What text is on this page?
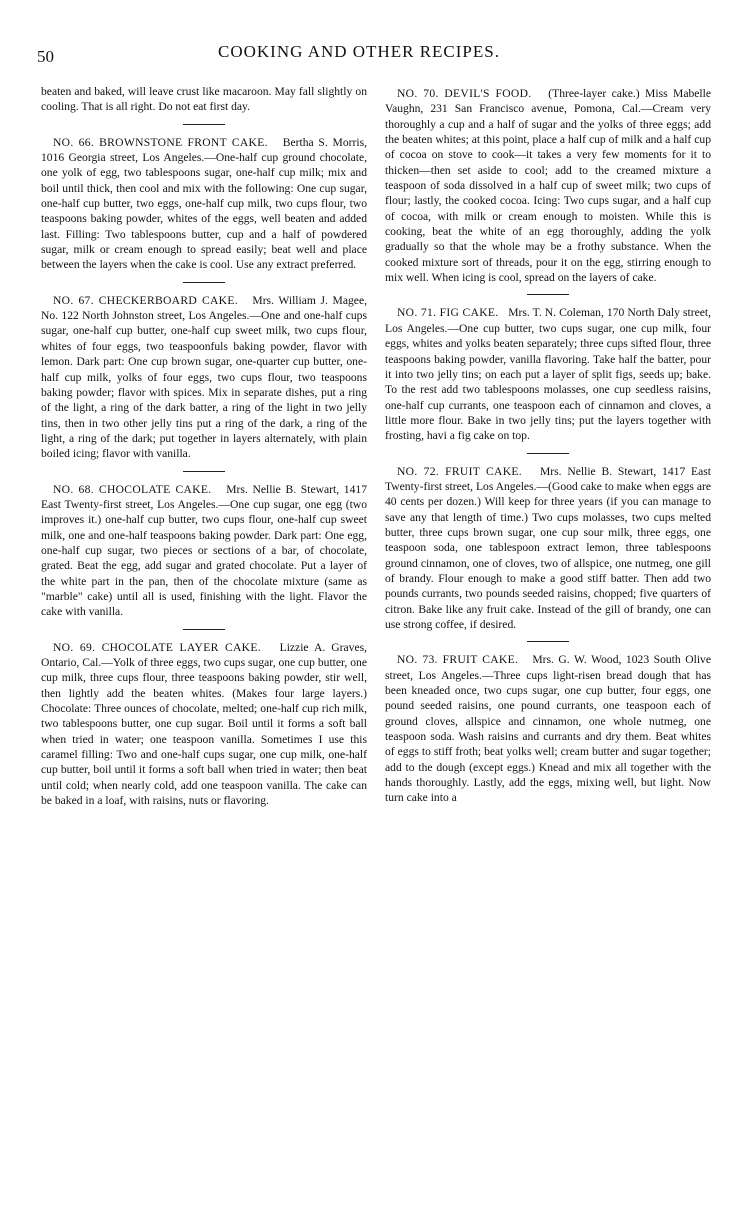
50	COOKING AND OTHER RECIPES.

beaten and baked, will leave crust like macaroon. May fall slightly on cooling. That is all right. Do not eat first day.

NO. 66. BROWNSTONE FRONT CAKE.   Bertha S. Morris, 1016 Georgia street, Los Angeles.—One-half cup ground chocolate, one yolk of egg, two tablespoons sugar, one-half cup milk; mix and boil until thick, then cool and mix with the following: One cup sugar, one-half cup butter, two eggs, one-half cup milk, two cups flour, two teaspoons baking powder, whites of the eggs, well beaten and added last. Filling: Two tablespoons butter, cup and a half of powdered sugar, milk or cream enough to spread easily; beat well and place between the layers when the cake is cool. Use any extract preferred.

NO. 67. CHECKERBOARD CAKE.   Mrs. William J. Magee, No. 122 North Johnston street, Los Angeles.—One and one-half cups sugar, one-half cup butter, one-half cup sweet milk, two cups flour, whites of four eggs, two teaspoonfuls baking powder, flavor with lemon. Dark part: One cup brown sugar, one-quarter cup butter, one-half cup milk, yolks of four eggs, two cups flour, two teaspoons baking powder; flavor with spices. Mix in separate dishes, put a ring of the light, a ring of the dark batter, a ring of the light in two jelly tins, then in two other jelly tins put a ring of the dark, a ring of the light, a ring of the dark; put together in layers alternately, with plain boiled icing; flavor with vanilla.

NO. 68. CHOCOLATE CAKE.   Mrs. Nellie B. Stewart, 1417 East Twenty-first street, Los Angeles.—One cup sugar, one egg (two improves it.) one-half cup butter, two cups flour, one-half cup sweet milk, one and one-half teaspoons baking powder. Dark part: One egg, one-half cup sugar, two pieces or sections of a bar, of chocolate, grated. Beat the egg, add sugar and grated chocolate. Put a layer of the white part in the pan, then of the chocolate mixture (same as "marble" cake) until all is used, finishing with the light. Flavor the cake with vanilla.

NO. 69. CHOCOLATE LAYER CAKE.   Lizzie A. Graves, Ontario, Cal.—Yolk of three eggs, two cups sugar, one cup butter, one cup milk, three cups flour, three teaspoons baking powder, stir well, then lightly add the beaten whites. (Makes four large layers.) Chocolate: Three ounces of chocolate, melted; one-half cup rich milk, two tablespoons butter, one cup sugar. Boil until it forms a soft ball when tried in water; one teaspoon vanilla. Sometimes I use this caramel filling: Two and one-half cups sugar, one cup milk, one-half cup butter, boil until it forms a soft ball when tried in water; then beat until cold; when nearly cold, add one teaspoon vanilla. The cake can be baked in a loaf, with raisins, nuts or flavoring.

NO. 70. DEVIL'S FOOD.   (Three-layer cake.) Miss Mabelle Vaughn, 231 San Francisco avenue, Pomona, Cal.—Cream very thoroughly a cup and a half of sugar and the yolks of three eggs; add the beaten whites; at this point, place a half cup of milk and a half cup of cocoa on stove to cook—it takes a very few moments for it to thicken—then set aside to cool; add to the creamed mixture a teaspoon of soda dissolved in a half cup of sweet milk; two cups of flour; lastly, the cooked cocoa. Icing: Two cups sugar, and a half cup of cocoa, with milk or cream enough to moisten. While this is cooking, beat the white of an egg thoroughly, adding the yolk gradually so that the whole may be a frothy substance. When the cooked mixture sort of threads, pour it on the egg, stirring enough to mix well. When icing is cool, spread on the layers of cake.

NO. 71. FIG CAKE.   Mrs. T. N. Coleman, 170 North Daly street, Los Angeles.—One cup butter, two cups sugar, one cup milk, four eggs, whites and yolks beaten separately; three cups sifted flour, three teaspoons baking powder, vanilla flavoring. Take half the batter, pour it into two jelly tins; on each put a layer of split figs, seeds up; bake. To the rest add two tablespoons molasses, one cup seedless raisins, one-half cup currants, one teaspoon each of cinnamon and cloves, a little more flour. Bake in two jelly tins; put the layers together with frosting, havi a fig cake on top.

NO. 72. FRUIT CAKE.   Mrs. Nellie B. Stewart, 1417 East Twenty-first street, Los Angeles.—(Good cake to make when eggs are 40 cents per dozen.) Will keep for three years (if you can manage to save any that length of time.) Two cups molasses, two cups melted butter, three cups brown sugar, one cup sour milk, three eggs, one teaspoon soda, one tablespoon extract lemon, three tablespoons ground cinnamon, one of cloves, two of allspice, one nutmeg, one gill of brandy. Flour enough to make a good stiff batter. Then add two pounds currants, two pounds seeded raisins, chopped; five quarters of citron. Bake like any fruit cake. Instead of the gill of brandy, one can use strong coffee, if desired.

NO. 73. FRUIT CAKE.   Mrs. G. W. Wood, 1023 South Olive street, Los Angeles.—Three cups light-risen bread dough that has been kneaded once, two cups sugar, one cup butter, four eggs, one pound seeded raisins, one pound currants, one teaspoon each of ground cloves, allspice and cinnamon, one whole nutmeg, one teaspoon soda. Wash raisins and currants and dry them. Beat whites of eggs to stiff froth; beat yolks well; cream butter and sugar together; add to the dough (except eggs.) Knead and mix all together with the hands thoroughly. Lastly, add the eggs, mixing well, but light. Now turn cake into a
